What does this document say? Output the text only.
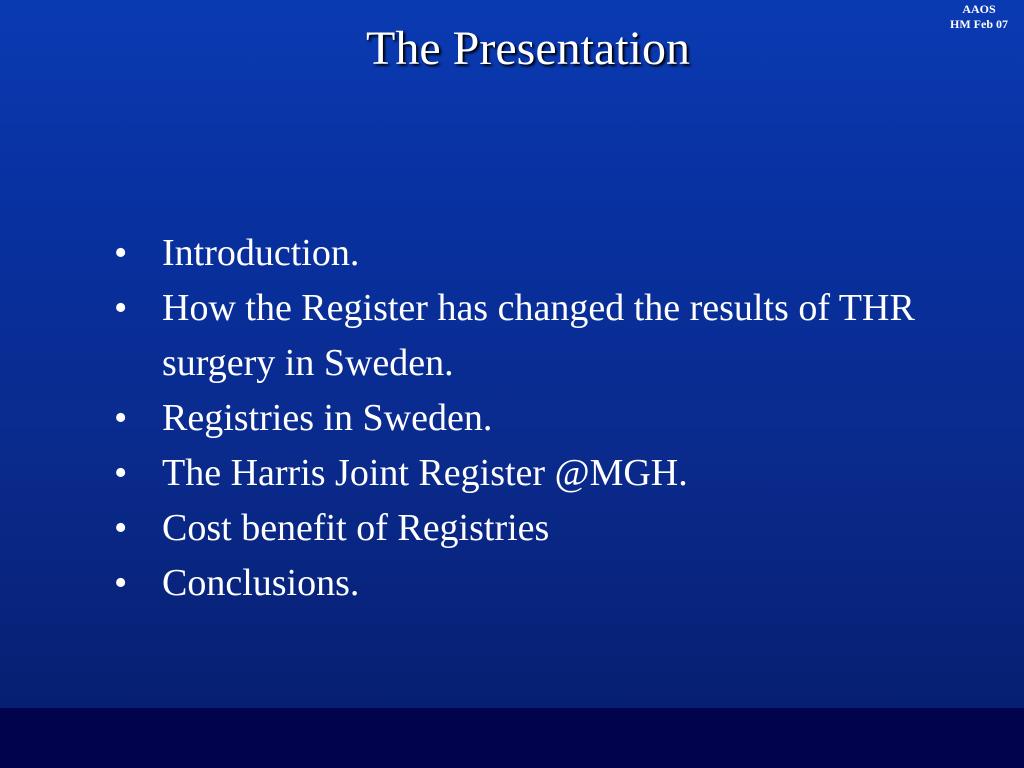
AAOS
HM Feb 07
The Presentation
• Introduction.
• How the Register has changed the results of THR surgery in Sweden.
• Registries in Sweden.
• The Harris Joint Register @MGH.
• Cost benefit of Registries
• Conclusions.
